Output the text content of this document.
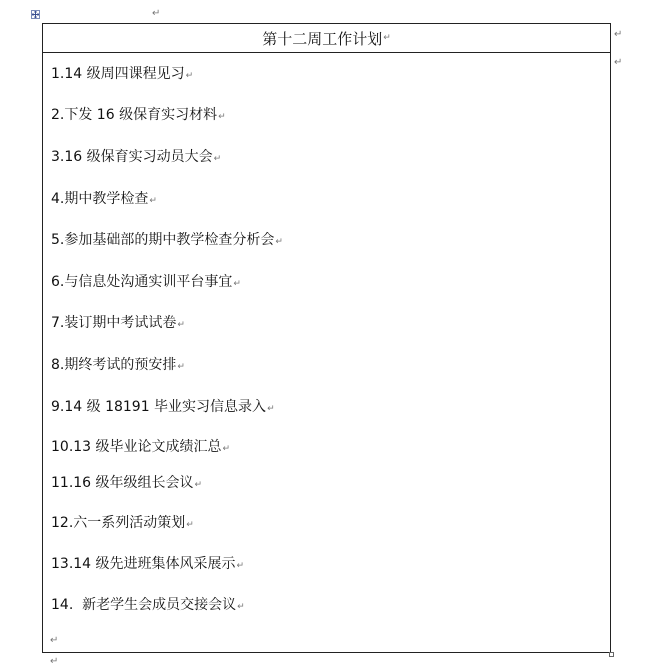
↵
↵
↵
↵
第十二周工作计划 ↵
1.14 级周四课程见习↵
2.下发 16 级保育实习材料↵
3.16 级保育实习动员大会↵
4.期中教学检查↵
5.参加基础部的期中教学检查分析会↵
6.与信息处沟通实训平台事宜↵
7.装订期中考试试卷↵
8.期终考试的预安排↵
9.14 级 18191 毕业实习信息录入↵
10.13 级毕业论文成绩汇总↵
11.16 级年级组长会议↵
12.六一系列活动策划↵
13.14 级先进班集体风采展示↵
14.  新老学生会成员交接会议↵
↵
